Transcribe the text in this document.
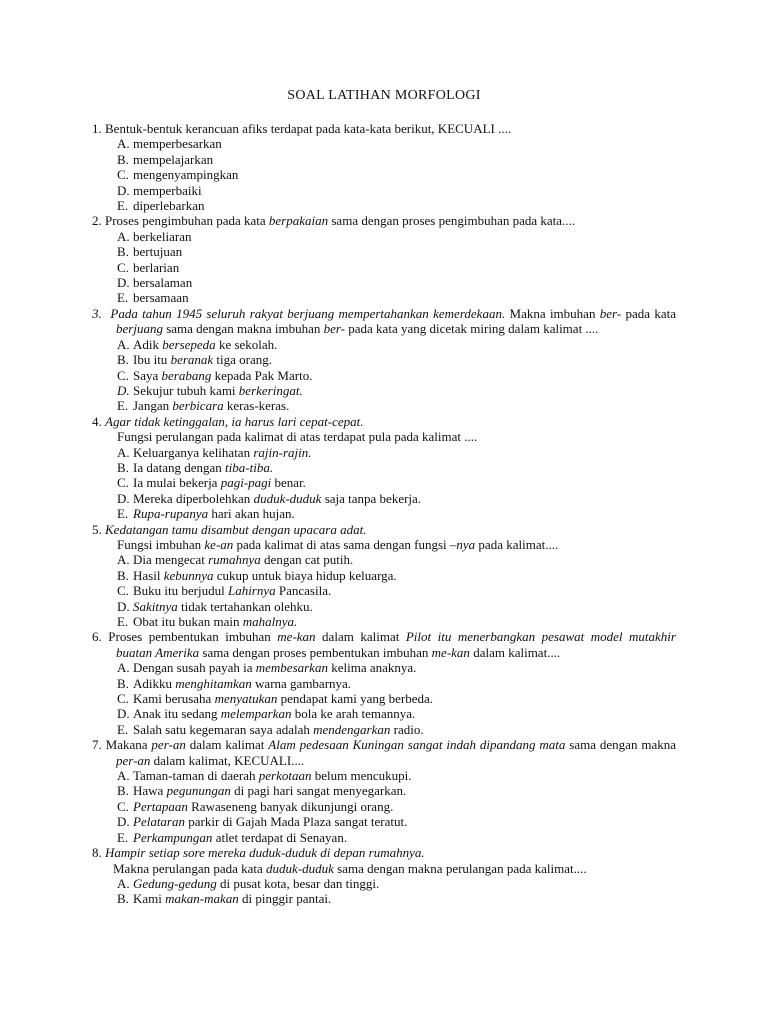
SOAL LATIHAN MORFOLOGI
1. Bentuk-bentuk kerancuan afiks terdapat pada kata-kata berikut, KECUALI ....
A. memperbesarkan
B. mempelajarkan
C. mengenyampingkan
D. memperbaiki
E. diperlebarkan
2. Proses pengimbuhan pada kata berpakaian sama dengan proses pengimbuhan pada kata....
A. berkeliaran
B. bertujuan
C. berlarian
D. bersalaman
E. bersamaan
3. Pada tahun 1945 seluruh rakyat berjuang mempertahankan kemerdekaan. Makna imbuhan ber- pada kata berjuang sama dengan makna imbuhan ber- pada kata yang dicetak miring dalam kalimat ....
A. Adik bersepeda ke sekolah.
B. Ibu itu beranak tiga orang.
C. Saya berabang kepada Pak Marto.
D. Sekujur tubuh kami berkeringat.
E. Jangan berbicara keras-keras.
4. Agar tidak ketinggalan, ia harus lari cepat-cepat.
Fungsi perulangan pada kalimat di atas terdapat pula pada kalimat ....
A. Keluarganya kelihatan rajin-rajin.
B. Ia datang dengan tiba-tiba.
C. Ia mulai bekerja pagi-pagi benar.
D. Mereka diperbolehkan duduk-duduk saja tanpa bekerja.
E. Rupa-rupanya hari akan hujan.
5. Kedatangan tamu disambut dengan upacara adat.
Fungsi imbuhan ke-an pada kalimat di atas sama dengan fungsi –nya pada kalimat....
A. Dia mengecat rumahnya dengan cat putih.
B. Hasil kebunnya cukup untuk biaya hidup keluarga.
C. Buku itu berjudul Lahirnya Pancasila.
D. Sakitnya tidak tertahankan olehku.
E. Obat itu bukan main mahalnya.
6. Proses pembentukan imbuhan me-kan dalam kalimat Pilot itu menerbangkan pesawat model mutakhir buatan Amerika sama dengan proses pembentukan imbuhan me-kan dalam kalimat....
A. Dengan susah payah ia membesarkan kelima anaknya.
B. Adikku menghitamkan warna gambarnya.
C. Kami berusaha menyatukan pendapat kami yang berbeda.
D. Anak itu sedang melemparkan bola ke arah temannya.
E. Salah satu kegemaran saya adalah mendengarkan radio.
7. Makana per-an dalam kalimat Alam pedesaan Kuningan sangat indah dipandang mata sama dengan makna per-an dalam kalimat, KECUALI....
A. Taman-taman di daerah perkotaan belum mencukupi.
B. Hawa pegunungan di pagi hari sangat menyegarkan.
C. Pertapaan Rawaseneng banyak dikunjungi orang.
D. Pelataran parkir di Gajah Mada Plaza sangat teratut.
E. Perkampungan atlet terdapat di Senayan.
8. Hampir setiap sore mereka duduk-duduk di depan rumahnya.
Makna perulangan pada kata duduk-duduk sama dengan makna perulangan pada kalimat....
A. Gedung-gedung di pusat kota, besar dan tinggi.
B. Kami makan-makan di pinggir pantai.
